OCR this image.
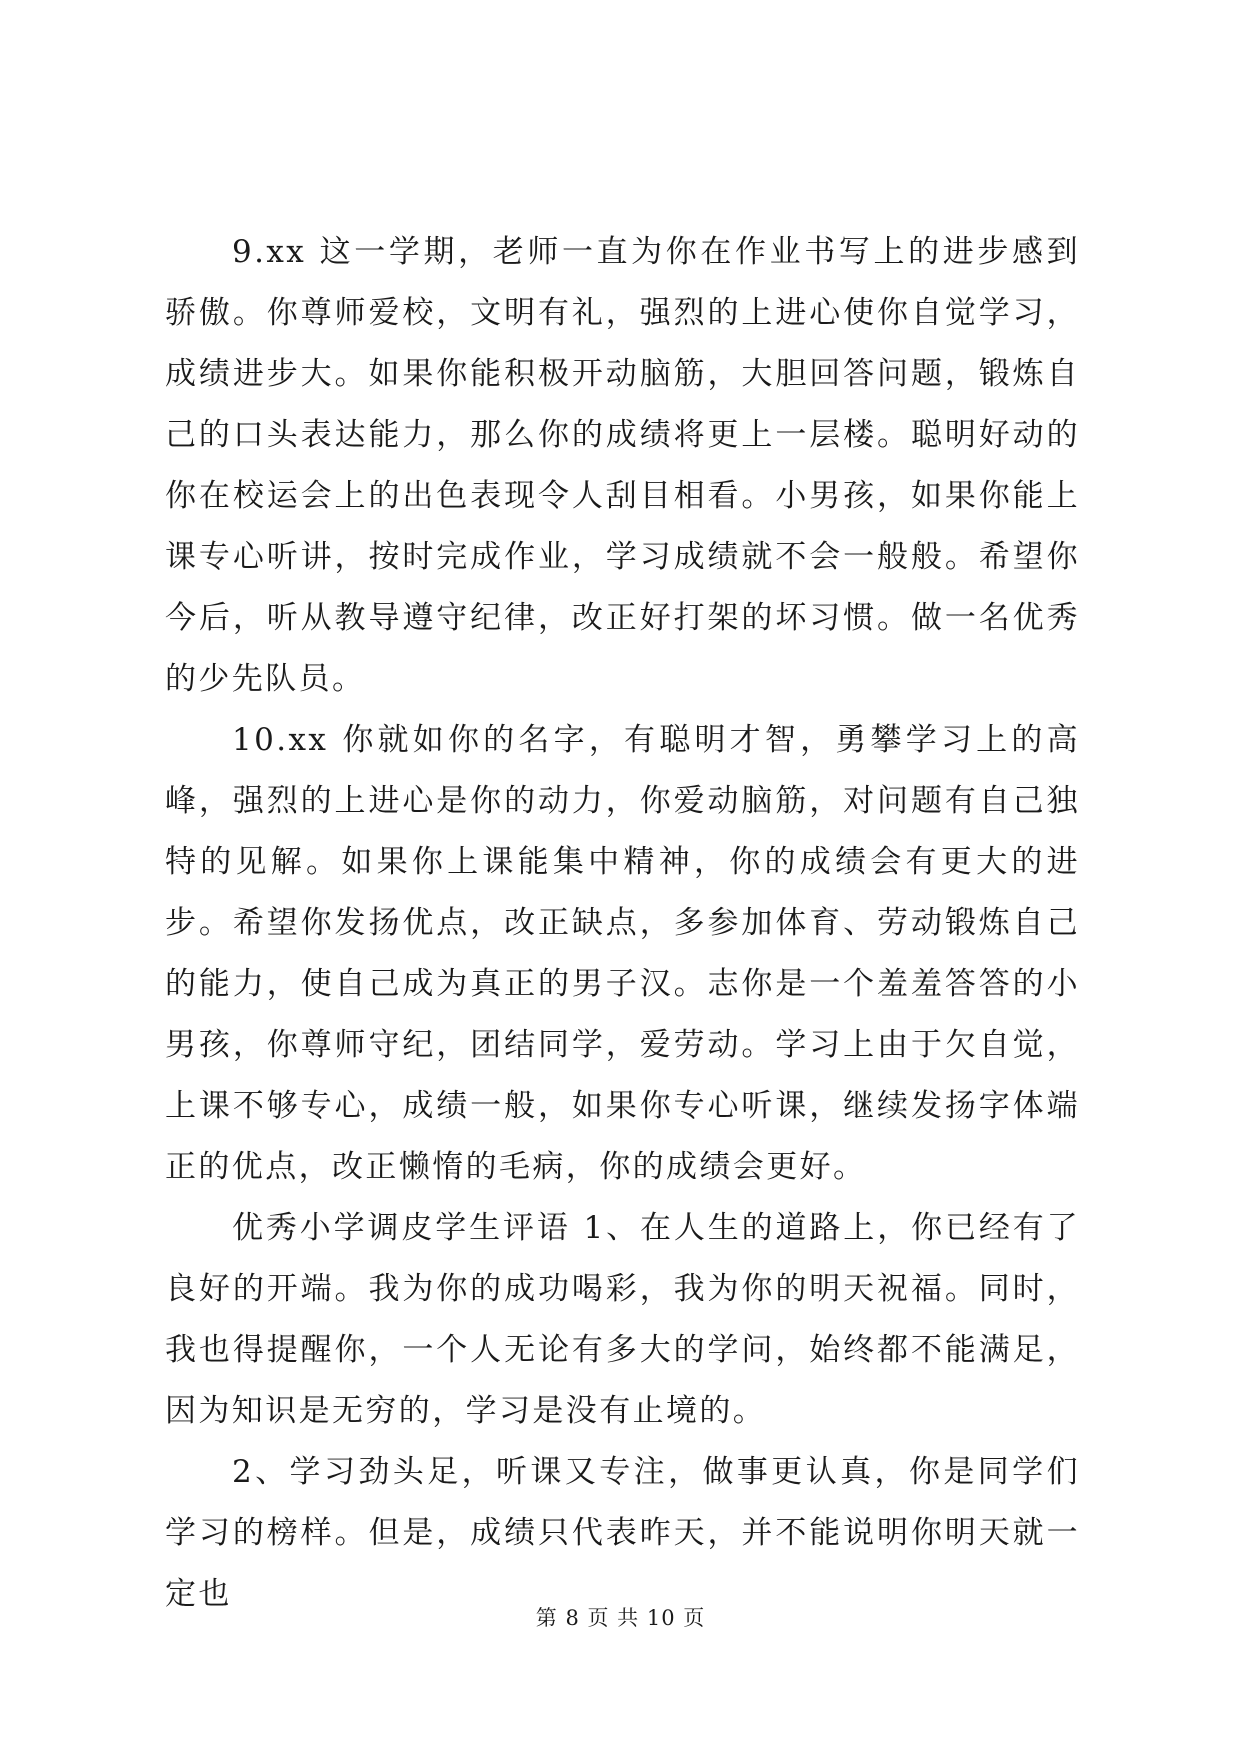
9.xx 这一学期，老师一直为你在作业书写上的进步感到骄傲。你尊师爱校，文明有礼，强烈的上进心使你自觉学习，成绩进步大。如果你能积极开动脑筋，大胆回答问题，锻炼自己的口头表达能力，那么你的成绩将更上一层楼。聪明好动的你在校运会上的出色表现令人刮目相看。小男孩，如果你能上课专心听讲，按时完成作业，学习成绩就不会一般般。希望你今后，听从教导遵守纪律，改正好打架的坏习惯。做一名优秀的少先队员。

10.xx 你就如你的名字，有聪明才智，勇攀学习上的高峰，强烈的上进心是你的动力，你爱动脑筋，对问题有自己独特的见解。如果你上课能集中精神，你的成绩会有更大的进步。希望你发扬优点，改正缺点，多参加体育、劳动锻炼自己的能力，使自己成为真正的男子汉。志你是一个羞羞答答的小男孩，你尊师守纪，团结同学，爱劳动。学习上由于欠自觉，上课不够专心，成绩一般，如果你专心听课，继续发扬字体端正的优点，改正懒惰的毛病，你的成绩会更好。

优秀小学调皮学生评语 1、在人生的道路上，你已经有了良好的开端。我为你的成功喝彩，我为你的明天祝福。同时，我也得提醒你，一个人无论有多大的学问，始终都不能满足，因为知识是无穷的，学习是没有止境的。

2、学习劲头足，听课又专注，做事更认真，你是同学们学习的榜样。但是，成绩只代表昨天，并不能说明你明天就一定也

第 8 页 共 10 页
